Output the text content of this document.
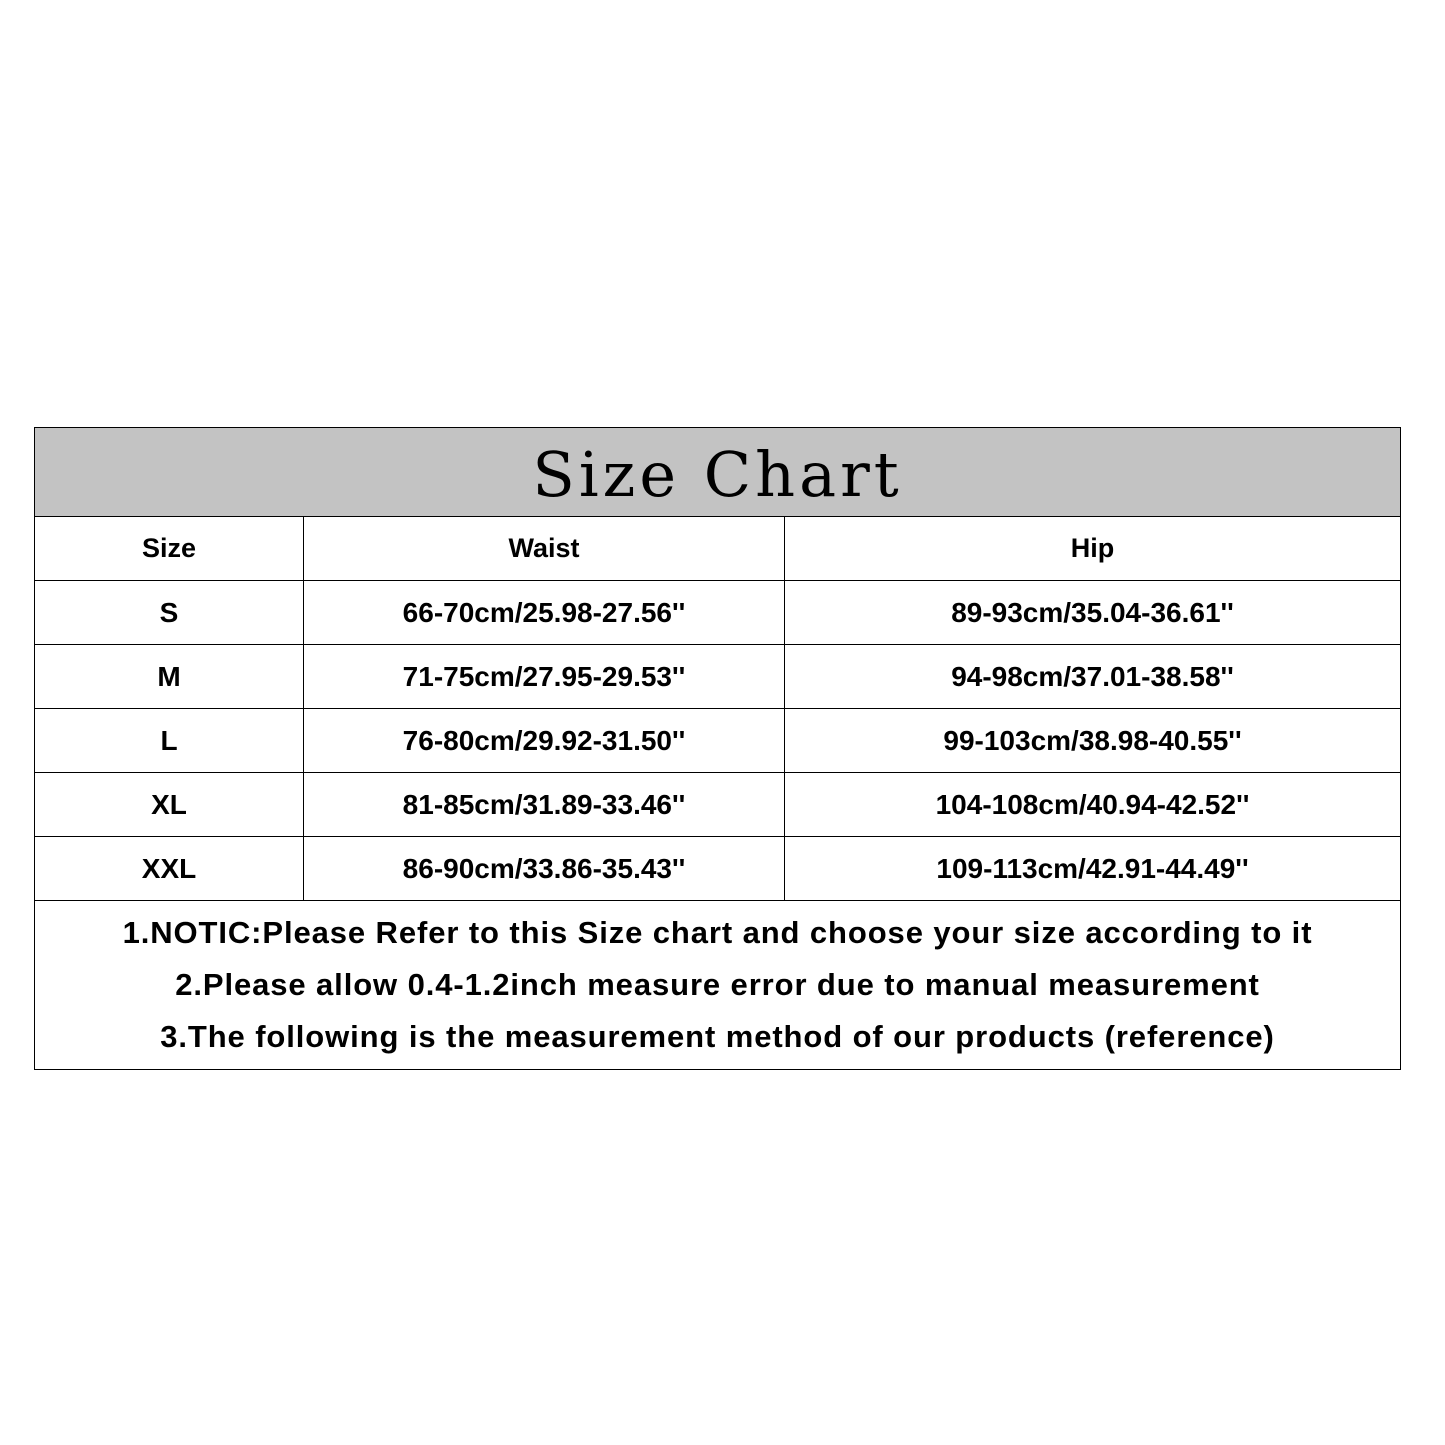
Size Chart		
Size	Waist	Hip
S	66-70cm/25.98-27.56''	89-93cm/35.04-36.61''
M	71-75cm/27.95-29.53''	94-98cm/37.01-38.58''
L	76-80cm/29.92-31.50''	99-103cm/38.98-40.55''
XL	81-85cm/31.89-33.46''	104-108cm/40.94-42.52''
XXL	86-90cm/33.86-35.43''	109-113cm/42.91-44.49''

1.NOTIC:Please Refer to this Size chart and choose your size according to it
2.Please allow 0.4-1.2inch measure error due to manual measurement
3.The following is the measurement method of our products (reference)		
